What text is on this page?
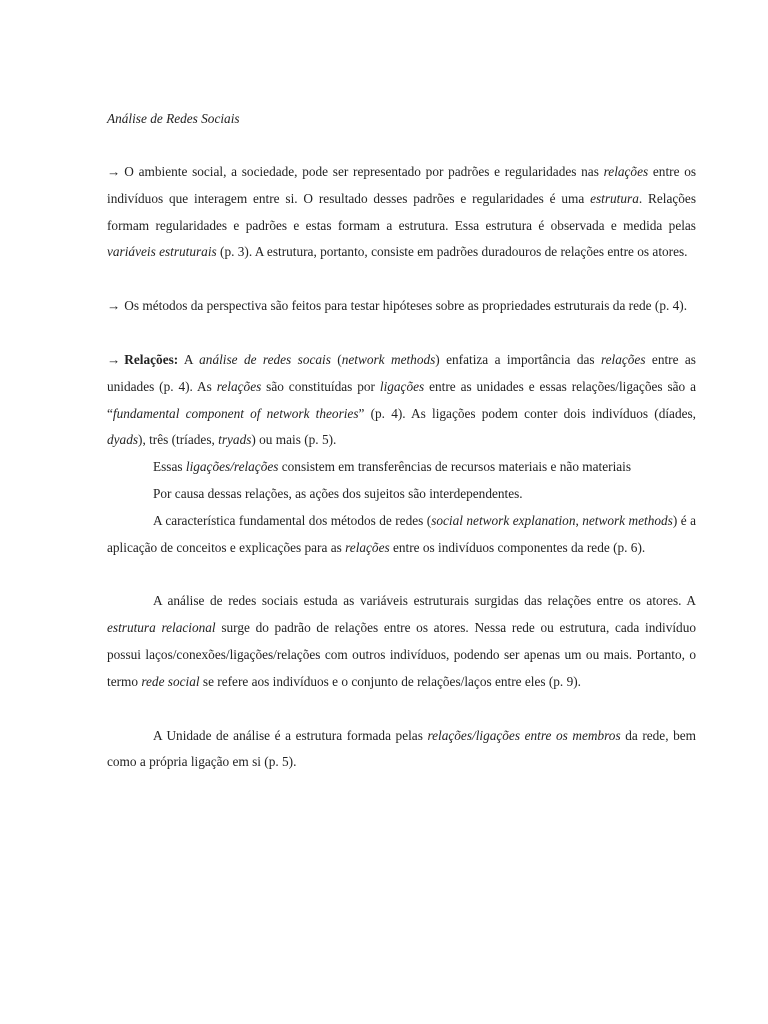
Análise de Redes Sociais

→ O ambiente social, a sociedade, pode ser representado por padrões e regularidades nas relações entre os indivíduos que interagem entre si. O resultado desses padrões e regularidades é uma estrutura. Relações formam regularidades e padrões e estas formam a estrutura. Essa estrutura é observada e medida pelas variáveis estruturais (p. 3). A estrutura, portanto, consiste em padrões duradouros de relações entre os atores.

→ Os métodos da perspectiva são feitos para testar hipóteses sobre as propriedades estruturais da rede (p. 4).

→ Relações: A análise de redes socais (network methods) enfatiza a importância das relações entre as unidades (p. 4). As relações são constituídas por ligações entre as unidades e essas relações/ligações são a “fundamental component of network theories” (p. 4). As ligações podem conter dois indivíduos (díades, dyads), três (tríades, tryads) ou mais (p. 5).

Essas ligações/relações consistem em transferências de recursos materiais e não materiais

Por causa dessas relações, as ações dos sujeitos são interdependentes.

A característica fundamental dos métodos de redes (social network explanation, network methods) é a aplicação de conceitos e explicações para as relações entre os indivíduos componentes da rede (p. 6).

A análise de redes sociais estuda as variáveis estruturais surgidas das relações entre os atores. A estrutura relacional surge do padrão de relações entre os atores. Nessa rede ou estrutura, cada indivíduo possui laços/conexões/ligações/relações com outros indivíduos, podendo ser apenas um ou mais. Portanto, o termo rede social se refere aos indivíduos e o conjunto de relações/laços entre eles (p. 9).

A Unidade de análise é a estrutura formada pelas relações/ligações entre os membros da rede, bem como a própria ligação em si (p. 5).
